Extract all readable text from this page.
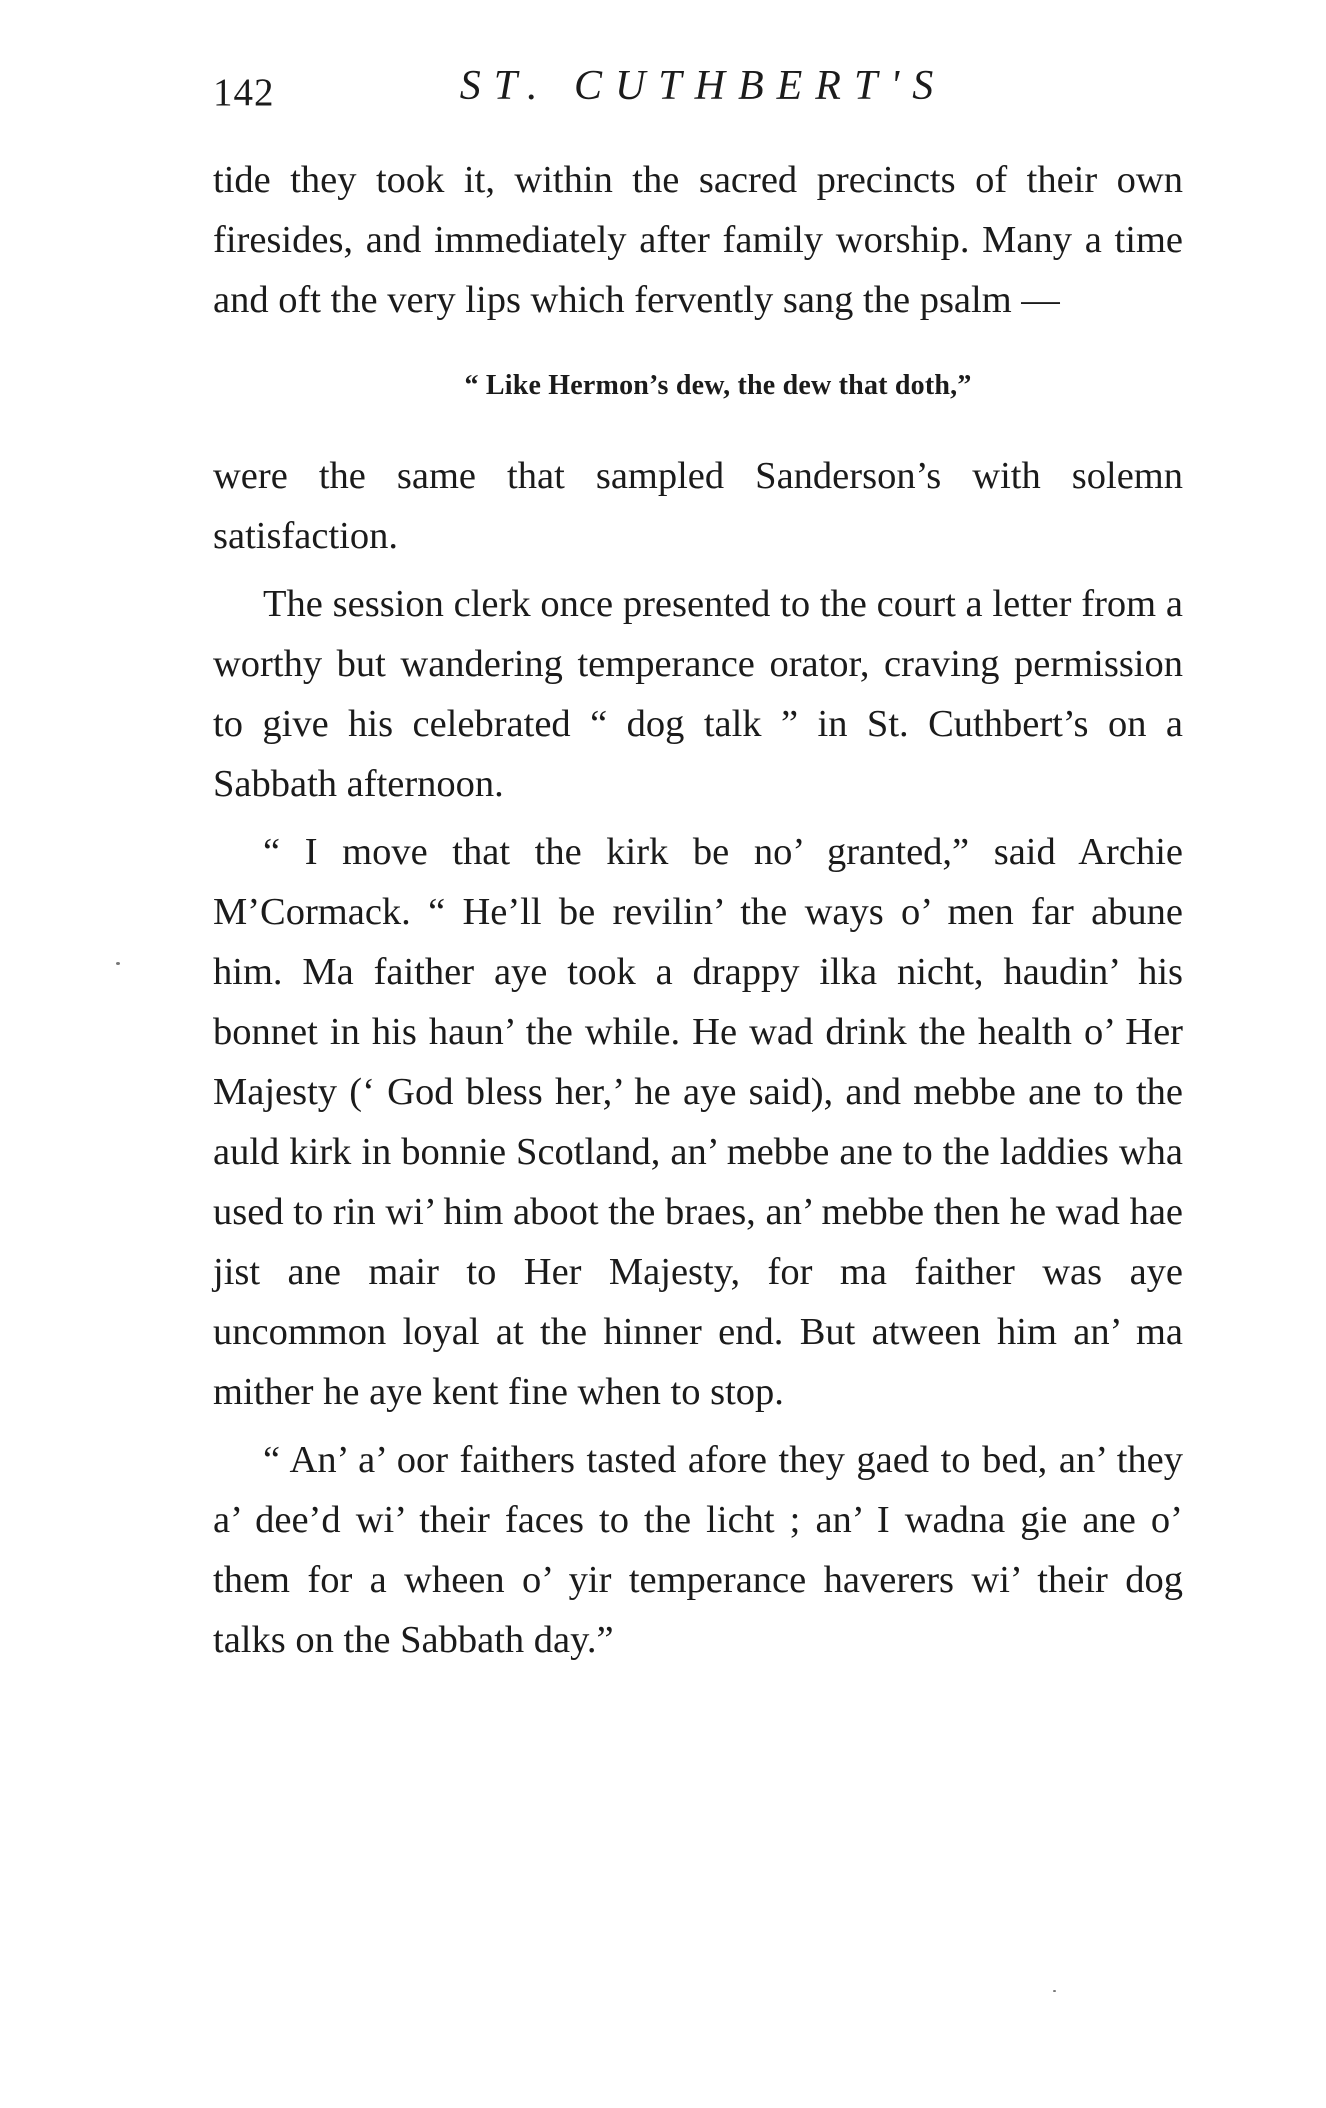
142	ST. CUTHBERT'S

tide they took it, within the sacred precincts of their own firesides, and immediately after family worship. Many a time and oft the very lips which fervently sang the psalm —

“ Like Hermon’s dew, the dew that doth,”

were the same that sampled Sanderson’s with solemn satisfaction.

The session clerk once presented to the court a letter from a worthy but wandering temperance orator, craving permission to give his celebrated “ dog talk ” in St. Cuthbert’s on a Sabbath afternoon.

“ I move that the kirk be no’ granted,” said Archie M’Cormack. “ He’ll be revilin’ the ways o’ men far abune him. Ma faither aye took a drappy ilka nicht, haudin’ his bonnet in his haun’ the while. He wad drink the health o’ Her Majesty (‘ God bless her,’ he aye said), and mebbe ane to the auld kirk in bonnie Scotland, an’ mebbe ane to the laddies wha used to rin wi’ him aboot the braes, an’ mebbe then he wad hae jist ane mair to Her Majesty, for ma faither was aye uncommon loyal at the hinner end. But atween him an’ ma mither he aye kent fine when to stop.

“ An’ a’ oor faithers tasted afore they gaed to bed, an’ they a’ dee’d wi’ their faces to the licht ; an’ I wadna gie ane o’ them for a wheen o’ yir temperance haverers wi’ their dog talks on the Sabbath day.”
